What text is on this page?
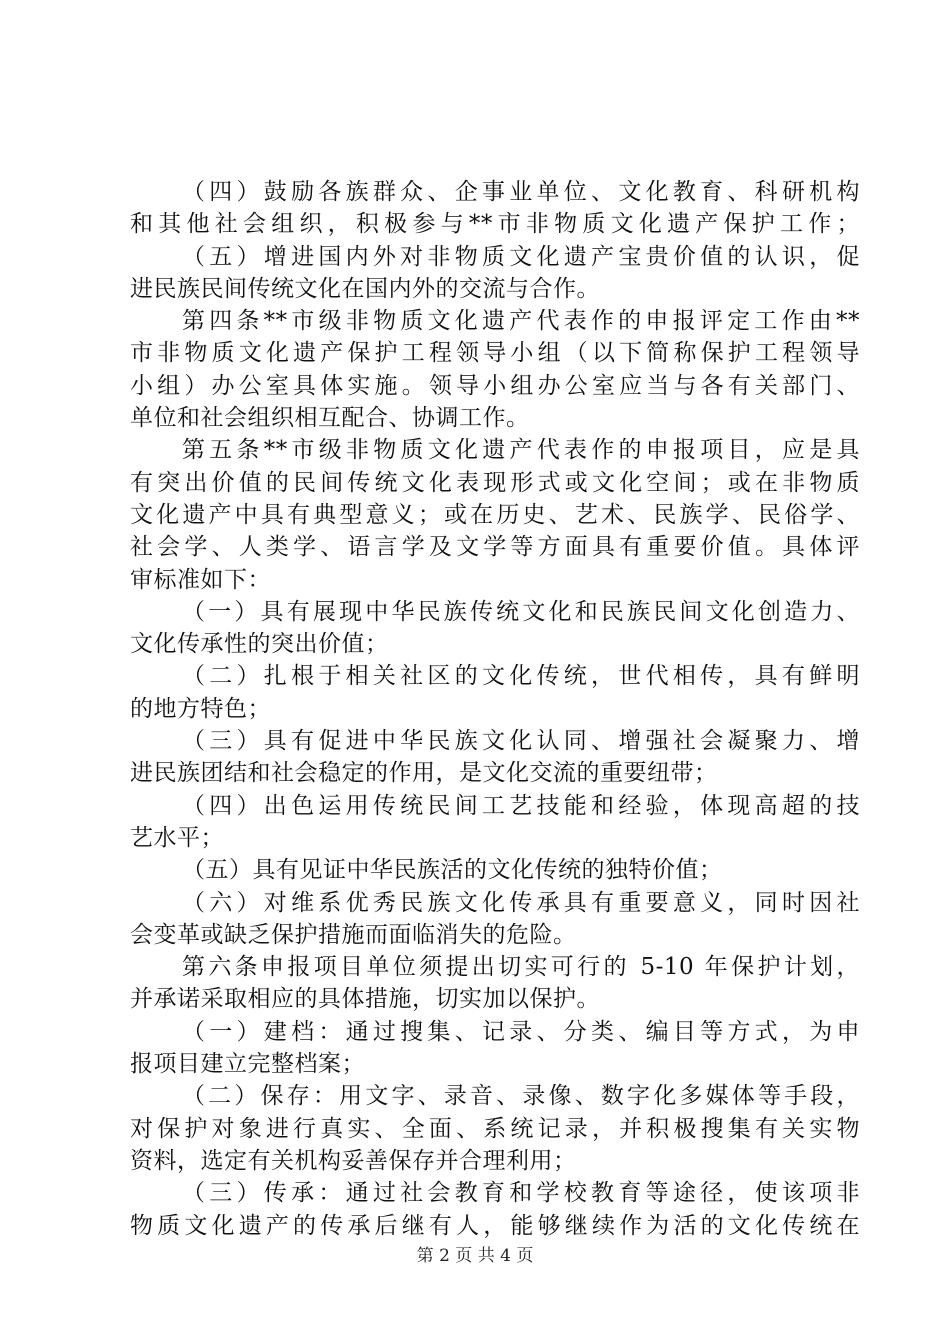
（四）鼓励各族群众、企事业单位、文化教育、科研机构
和其他社会组织，积极参与**市非物质文化遗产保护工作；
（五）增进国内外对非物质文化遗产宝贵价值的认识，促
进民族民间传统文化在国内外的交流与合作。
第四条**市级非物质文化遗产代表作的申报评定工作由**
市非物质文化遗产保护工程领导小组（以下简称保护工程领导
小组）办公室具体实施。领导小组办公室应当与各有关部门、
单位和社会组织相互配合、协调工作。
第五条**市级非物质文化遗产代表作的申报项目，应是具
有突出价值的民间传统文化表现形式或文化空间；或在非物质
文化遗产中具有典型意义；或在历史、艺术、民族学、民俗学、
社会学、人类学、语言学及文学等方面具有重要价值。具体评
审标准如下：
（一）具有展现中华民族传统文化和民族民间文化创造力、
文化传承性的突出价值；
（二）扎根于相关社区的文化传统，世代相传，具有鲜明
的地方特色；
（三）具有促进中华民族文化认同、增强社会凝聚力、增
进民族团结和社会稳定的作用，是文化交流的重要纽带；
（四）出色运用传统民间工艺技能和经验，体现高超的技
艺水平；
（五）具有见证中华民族活的文化传统的独特价值；
（六）对维系优秀民族文化传承具有重要意义，同时因社
会变革或缺乏保护措施而面临消失的危险。
第六条申报项目单位须提出切实可行的 5-10 年保护计划，
并承诺采取相应的具体措施，切实加以保护。
（一）建档：通过搜集、记录、分类、编目等方式，为申
报项目建立完整档案；
（二）保存：用文字、录音、录像、数字化多媒体等手段，
对保护对象进行真实、全面、系统记录，并积极搜集有关实物
资料，选定有关机构妥善保存并合理利用；
（三）传承：通过社会教育和学校教育等途径，使该项非
物质文化遗产的传承后继有人，能够继续作为活的文化传统在
第 2 页 共 4 页
